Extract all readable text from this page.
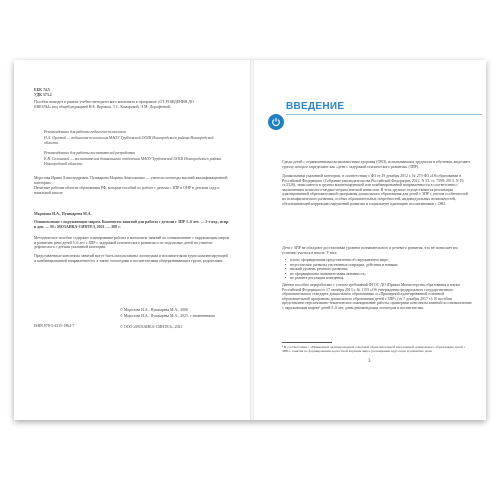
ББК 74.5
УДК 373.2
Пособие выходит в рамках учебно-методического комплекта к программе «ОТ РОЖДЕНИЯ ДО ШКОЛЫ» под общей редакцией Н.Е. Вераксы, Т.С. Комаровой, Э.М. Дорофеевой.
Рекомендовано для работы педагогов-психологов
Н.А. Орловой — педагогом-психологом МАОУ Трубчевской ООШ Новгородского района Новгородской области.
Рекомендовано для работы воспитателей разработки
Е.В. Солоненой — воспитателем дошкольного отделения МАОУ Трубчевской ООШ Новгородского района Новгородской области.
Морозова Ирина Александровна, Пушкарева Марина Анатольевна — учителя-логопеды высшей квалификационной категории.
Печатные рабочие области образования РФ, которые пособий по работе с детьми с ЗПР и ОНР в детском саду и начальной школе.
Морозова И.А., Пушкарева М.А.
Ознакомление с окружающим миром. Конспекты занятий для работы с детьми с ЗПР 5–6 лет. — 2-е изд., испр. и доп. — М.: МОЗАИКА-СИНТЕЗ, 2021. — 208 с.
Методическое пособие содержит планирование работы и конспекты занятий по ознакомлению с окружающим миром и развитию речи детей 5–6 лет с ЗПР с задержкой психического развития и по подготовке детей на учителя-дефектолога с детьми указанной категории.
Представленные конспекты занятий могут быть использованы логопедами и воспитателями групп компенсирующей и комбинированной направленности, а также логопедами и воспитателями общеразвивающих групп, родителями.
© Морозова И.А., Пушкарева М.А., 2006
© Морозова И.А., Пушкарева М.А., 2021, с изменениями
© ООО «МОЗАИКА-СИНТЕЗ», 2021
ISBN 978-5-4315-1964-7
ВВЕДЕНИЕ
Среди детей с ограниченными возможностями здоровья (ОВЗ), испытывающих трудности в обучении, выделяют группу, которое определяют как «дети с задержкой психического развития» (ЗПР).
Дошкольники указанной категории, в соответствии с ФЗ от 29 декабря 2012 г. № 273-ФЗ «Об образовании в Российской Федерации» (Собрание законодательства Российской Федерации, 2012, N 53, ст. 7598; 2013, N 19, ст.2326), зачисляются в группы компенсирующей или комбинированной направленности в соответствии с заключением психолого-медико-педагогической комиссии. В этих группах осуществляется реализация адаптированной образовательной программы дошкольного образования для детей с ЗПР с учетом особенностей их психофизического развития, особых образовательных потребностей, индивидуальных возможностей, обеспечивающей коррекцию нарушений развития и социальную адаптацию воспитанников с ОВЗ.
Дети с ЗПР не обладают достаточным уровнем познавательного и речевого развития, что не позволяет им успешно учиться в школе. У них:
• плохо сформированы представления об окружающем мире;
• недостаточно развиты умственные операции, действия и навыки;
• низкий уровень речевого развития;
• не сформирована познавательная активность;
• не развита регуляция поведения.
Данное пособие переработано с учетом требований ФГОС ДО (Приказ Министерства образования и науки Российской Федерации от 17 октября 2013 г. № 1155 «Об утверждении федерального государственного образовательного стандарта дошкольного образования» и «Примерной адаптированной основной образовательной программы дошкольного образования детей с ЗПР» (от 7 декабря 2017 г.). В пособии представлено перспективно-тематическое планирование работы, примерные конспекты занятий по ознакомлению с окружающим миром¹ детей 5–6 лет, даны рекомендации логопедам и воспитателям.
¹ В соответствии с «Примерной адаптированной основной образовательной программой дошкольного образования детей с ЗПР», занятия по формированию целостной картины мира, расширению кругозора и развитию речи.
3
